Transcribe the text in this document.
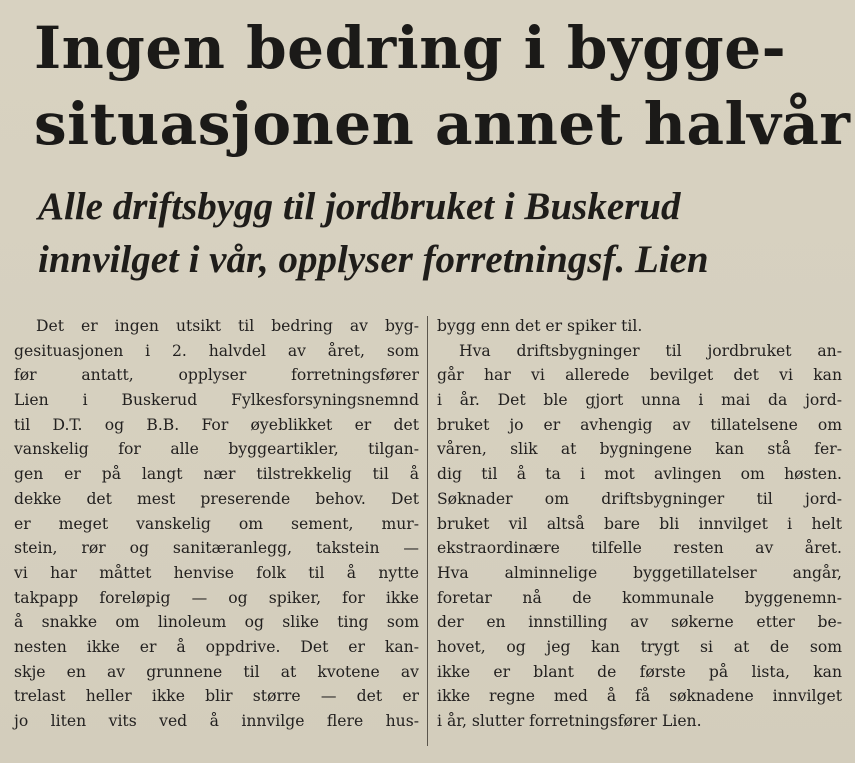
Ingen bedring i bygge-
situasjonen annet halvår
Alle driftsbygg til jordbruket i Buskerud
innvilget i vår, opplyser forretningsf. Lien
Det er ingen utsikt til bedring av byg-
gesituasjonen i 2. halvdel av året, som
før antatt, opplyser forretningsfører
Lien i Buskerud Fylkesforsyningsnemnd
til D.T. og B.B. For øyeblikket er det
vanskelig for alle byggeartikler, tilgan-
gen er på langt nær tilstrekkelig til å
dekke det mest preserende behov. Det
er meget vanskelig om sement, mur-
stein, rør og sanitæranlegg, takstein —
vi har måttet henvise folk til å nytte
takpapp foreløpig — og spiker, for ikke
å snakke om linoleum og slike ting som
nesten ikke er å oppdrive. Det er kan-
skje en av grunnene til at kvotene av
trelast heller ikke blir større — det er
jo liten vits ved å innvilge flere hus-
bygg enn det er spiker til.
Hva driftsbygninger til jordbruket an-
går har vi allerede bevilget det vi kan
i år. Det ble gjort unna i mai da jord-
bruket jo er avhengig av tillatelsene om
våren, slik at bygningene kan stå fer-
dig til å ta i mot avlingen om høsten.
Søknader om driftsbygninger til jord-
bruket vil altså bare bli innvilget i helt
ekstraordinære tilfelle resten av året.
Hva alminnelige byggetillatelser angår,
foretar nå de kommunale byggenemn-
der en innstilling av søkerne etter be-
hovet, og jeg kan trygt si at de som
ikke er blant de første på lista, kan
ikke regne med å få søknadene innvilget
i år, slutter forretningsfører Lien.
